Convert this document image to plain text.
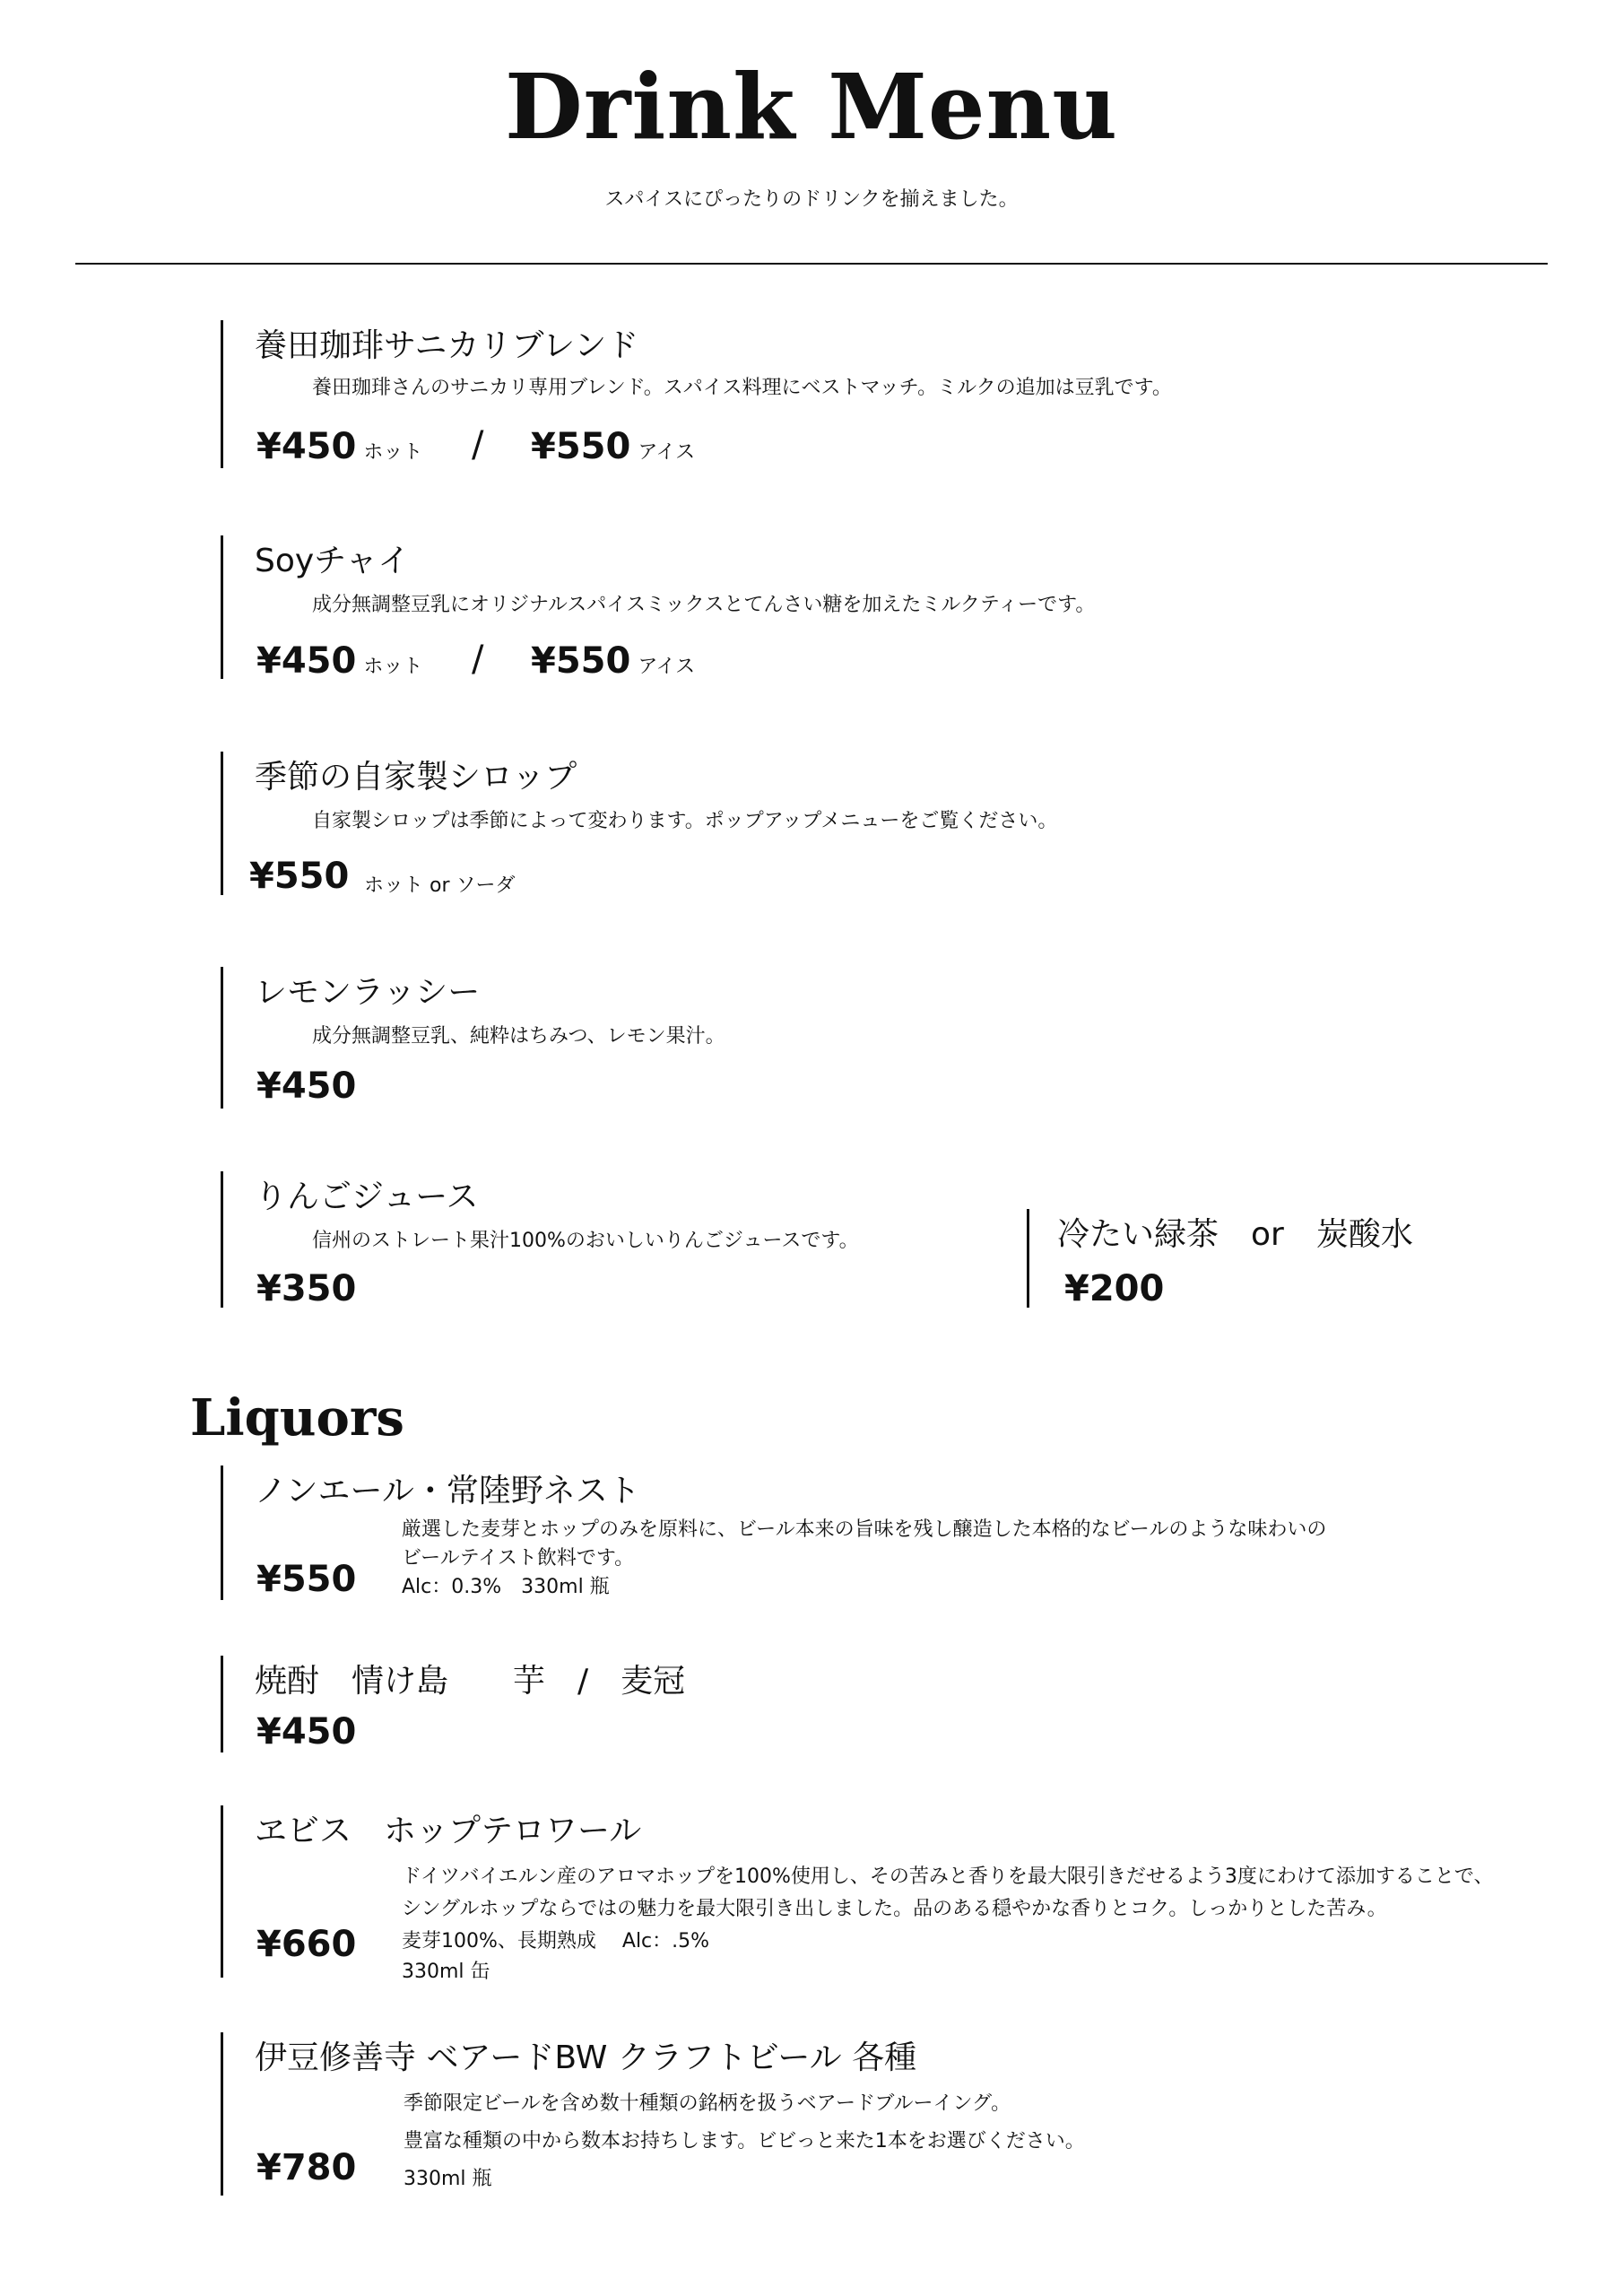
Drink Menu
スパイスにぴったりのドリンクを揃えました。
養田珈琲サニカリブレンド
養田珈琲さんのサニカリ専用ブレンド。スパイス料理にベストマッチ。ミルクの追加は豆乳です。
¥450 ホット / ¥550 アイス
Soyチャイ
成分無調整豆乳にオリジナルスパイスミックスとてんさい糖を加えたミルクティーです。
¥450 ホット / ¥550 アイス
季節の自家製シロップ
自家製シロップは季節によって変わります。ポップアップメニューをご覧ください。
¥550 ホット or ソーダ
レモンラッシー
成分無調整豆乳、純粋はちみつ、レモン果汁。
¥450
りんごジュース
信州のストレート果汁100%のおいしいりんごジュースです。
¥350
冷たい緑茶　or　炭酸水
¥200
Liquors
ノンエール・常陸野ネスト
厳選した麦芽とホップのみを原料に、ビール本来の旨味を残し醸造した本格的なビールのような味わいの
ビールテイスト飲料です。
Alc：0.3%　330ml 瓶
¥550
焼酎　情け島　　芋　/　麦冠
¥450
ヱビス　ホップテロワール
ドイツバイエルン産のアロマホップを100%使用し、その苦みと香りを最大限引きだせるよう3度にわけて添加することで、
シングルホップならではの魅力を最大限引き出しました。品のある穏やかな香りとコク。しっかりとした苦み。
麦芽100%、長期熟成　 Alc：.5%
330ml 缶
¥660
伊豆修善寺 ベアードBW クラフトビール 各種
季節限定ビールを含め数十種類の銘柄を扱うベアードブルーイング。
豊富な種類の中から数本お持ちします。ビビっと来た1本をお選びください。
330ml 瓶
¥780
